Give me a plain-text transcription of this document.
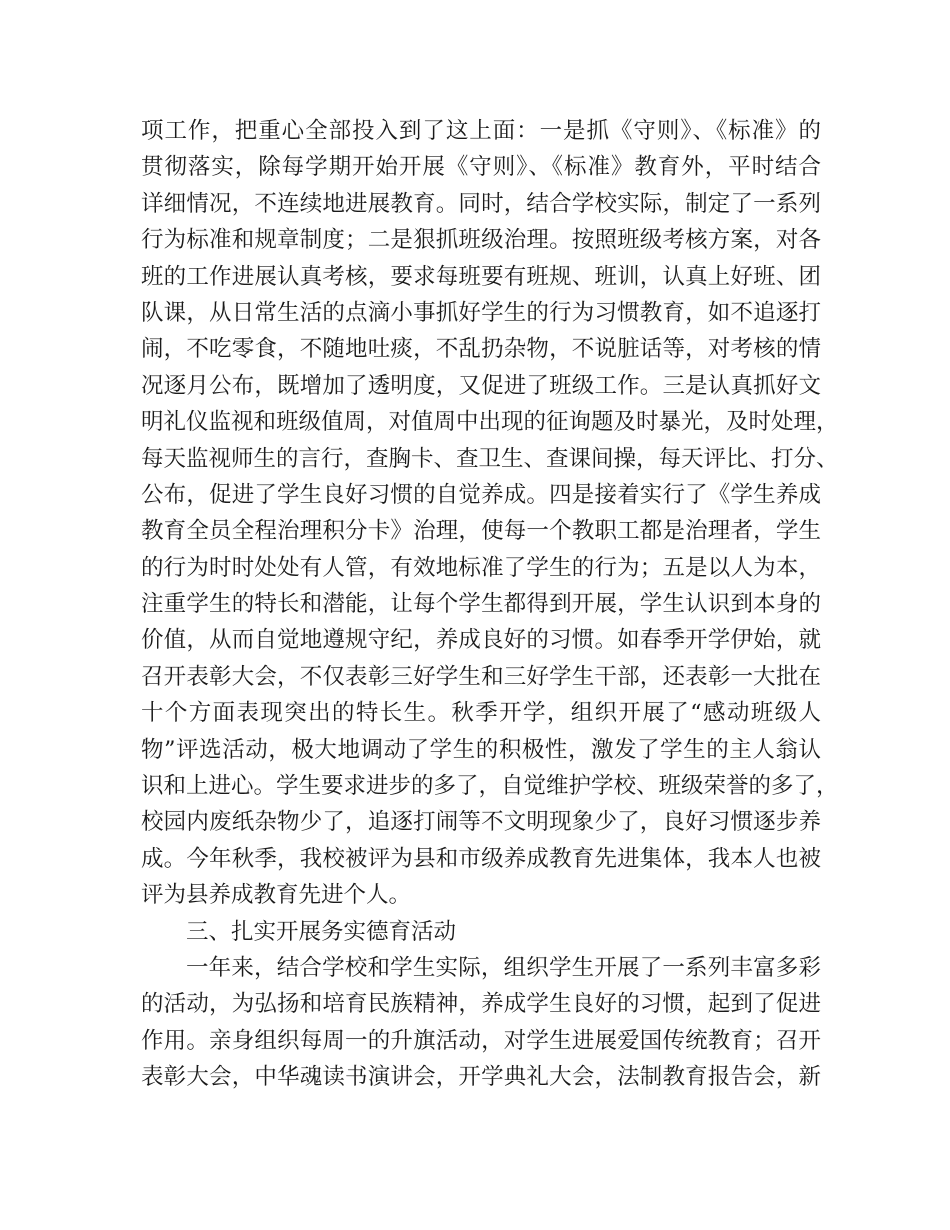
项工作，把重心全部投入到了这上面：一是抓《守则》、《标准》的
贯彻落实，除每学期开始开展《守则》、《标准》教育外，平时结合
详细情况，不连续地进展教育。同时，结合学校实际，制定了一系列
行为标准和规章制度；二是狠抓班级治理。按照班级考核方案，对各
班的工作进展认真考核，要求每班要有班规、班训，认真上好班、团
队课，从日常生活的点滴小事抓好学生的行为习惯教育，如不追逐打
闹，不吃零食，不随地吐痰，不乱扔杂物，不说脏话等，对考核的情
况逐月公布，既增加了透明度，又促进了班级工作。三是认真抓好文
明礼仪监视和班级值周，对值周中出现的征询题及时暴光，及时处理，
每天监视师生的言行，查胸卡、查卫生、查课间操，每天评比、打分、
公布，促进了学生良好习惯的自觉养成。四是接着实行了《学生养成
教育全员全程治理积分卡》治理，使每一个教职工都是治理者，学生
的行为时时处处有人管，有效地标准了学生的行为；五是以人为本，
注重学生的特长和潜能，让每个学生都得到开展，学生认识到本身的
价值，从而自觉地遵规守纪，养成良好的习惯。如春季开学伊始，就
召开表彰大会，不仅表彰三好学生和三好学生干部，还表彰一大批在
十个方面表现突出的特长生。秋季开学，组织开展了“感动班级人
物”评选活动，极大地调动了学生的积极性，激发了学生的主人翁认
识和上进心。学生要求进步的多了，自觉维护学校、班级荣誉的多了，
校园内废纸杂物少了，追逐打闹等不文明现象少了，良好习惯逐步养
成。今年秋季，我校被评为县和市级养成教育先进集体，我本人也被
评为县养成教育先进个人。
三、扎实开展务实德育活动
一年来，结合学校和学生实际，组织学生开展了一系列丰富多彩
的活动，为弘扬和培育民族精神，养成学生良好的习惯，起到了促进
作用。亲身组织每周一的升旗活动，对学生进展爱国传统教育；召开
表彰大会，中华魂读书演讲会，开学典礼大会，法制教育报告会，新
